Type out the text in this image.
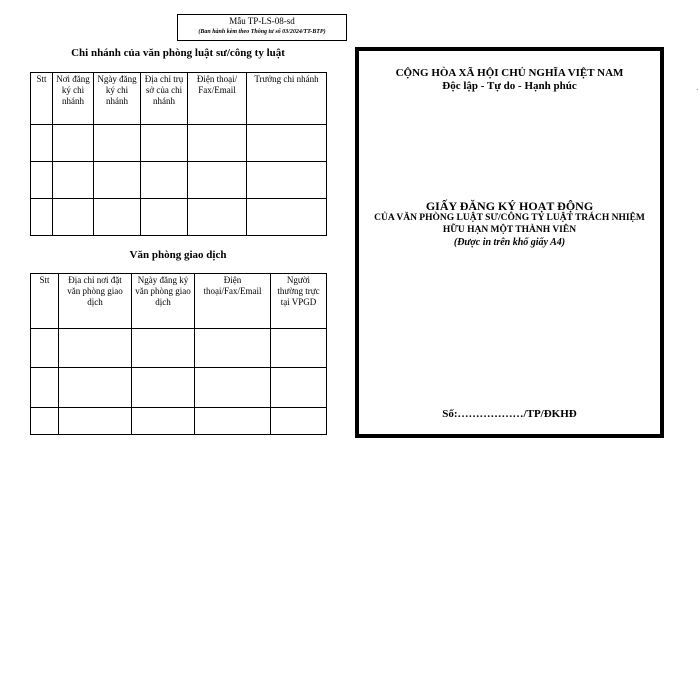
Mẫu TP-LS-08-sd
(Ban hành kèm theo Thông tư số 03/2024/TT-BTP)
Chi nhánh của văn phòng luật sư/công ty luật
Stt	Nơi đăng ký chi nhánh	Ngày đăng ký chi nhánh	Địa chỉ trụ sở của chi nhánh	Điện thoại/ Fax/Email	Trưởng chi nhánh

Văn phòng giao dịch
Stt	Địa chỉ nơi đặt văn phòng giao dịch	Ngày đăng ký văn phòng giao dịch	Điện thoại/Fax/Email	Người thường trực tại VPGD

CỘNG HÒA XÃ HỘI CHỦ NGHĨA VIỆT NAM
Độc lập - Tự do - Hạnh phúc
GIẤY ĐĂNG KÝ HOẠT ĐỘNG
CỦA VĂN PHÒNG LUẬT SƯ/CÔNG TY LUẬT TRÁCH NHIỆM
HỮU HẠN MỘT THÀNH VIÊN
(Được in trên khổ giấy A4)
Số:………………/TP/ĐKHĐ
·
